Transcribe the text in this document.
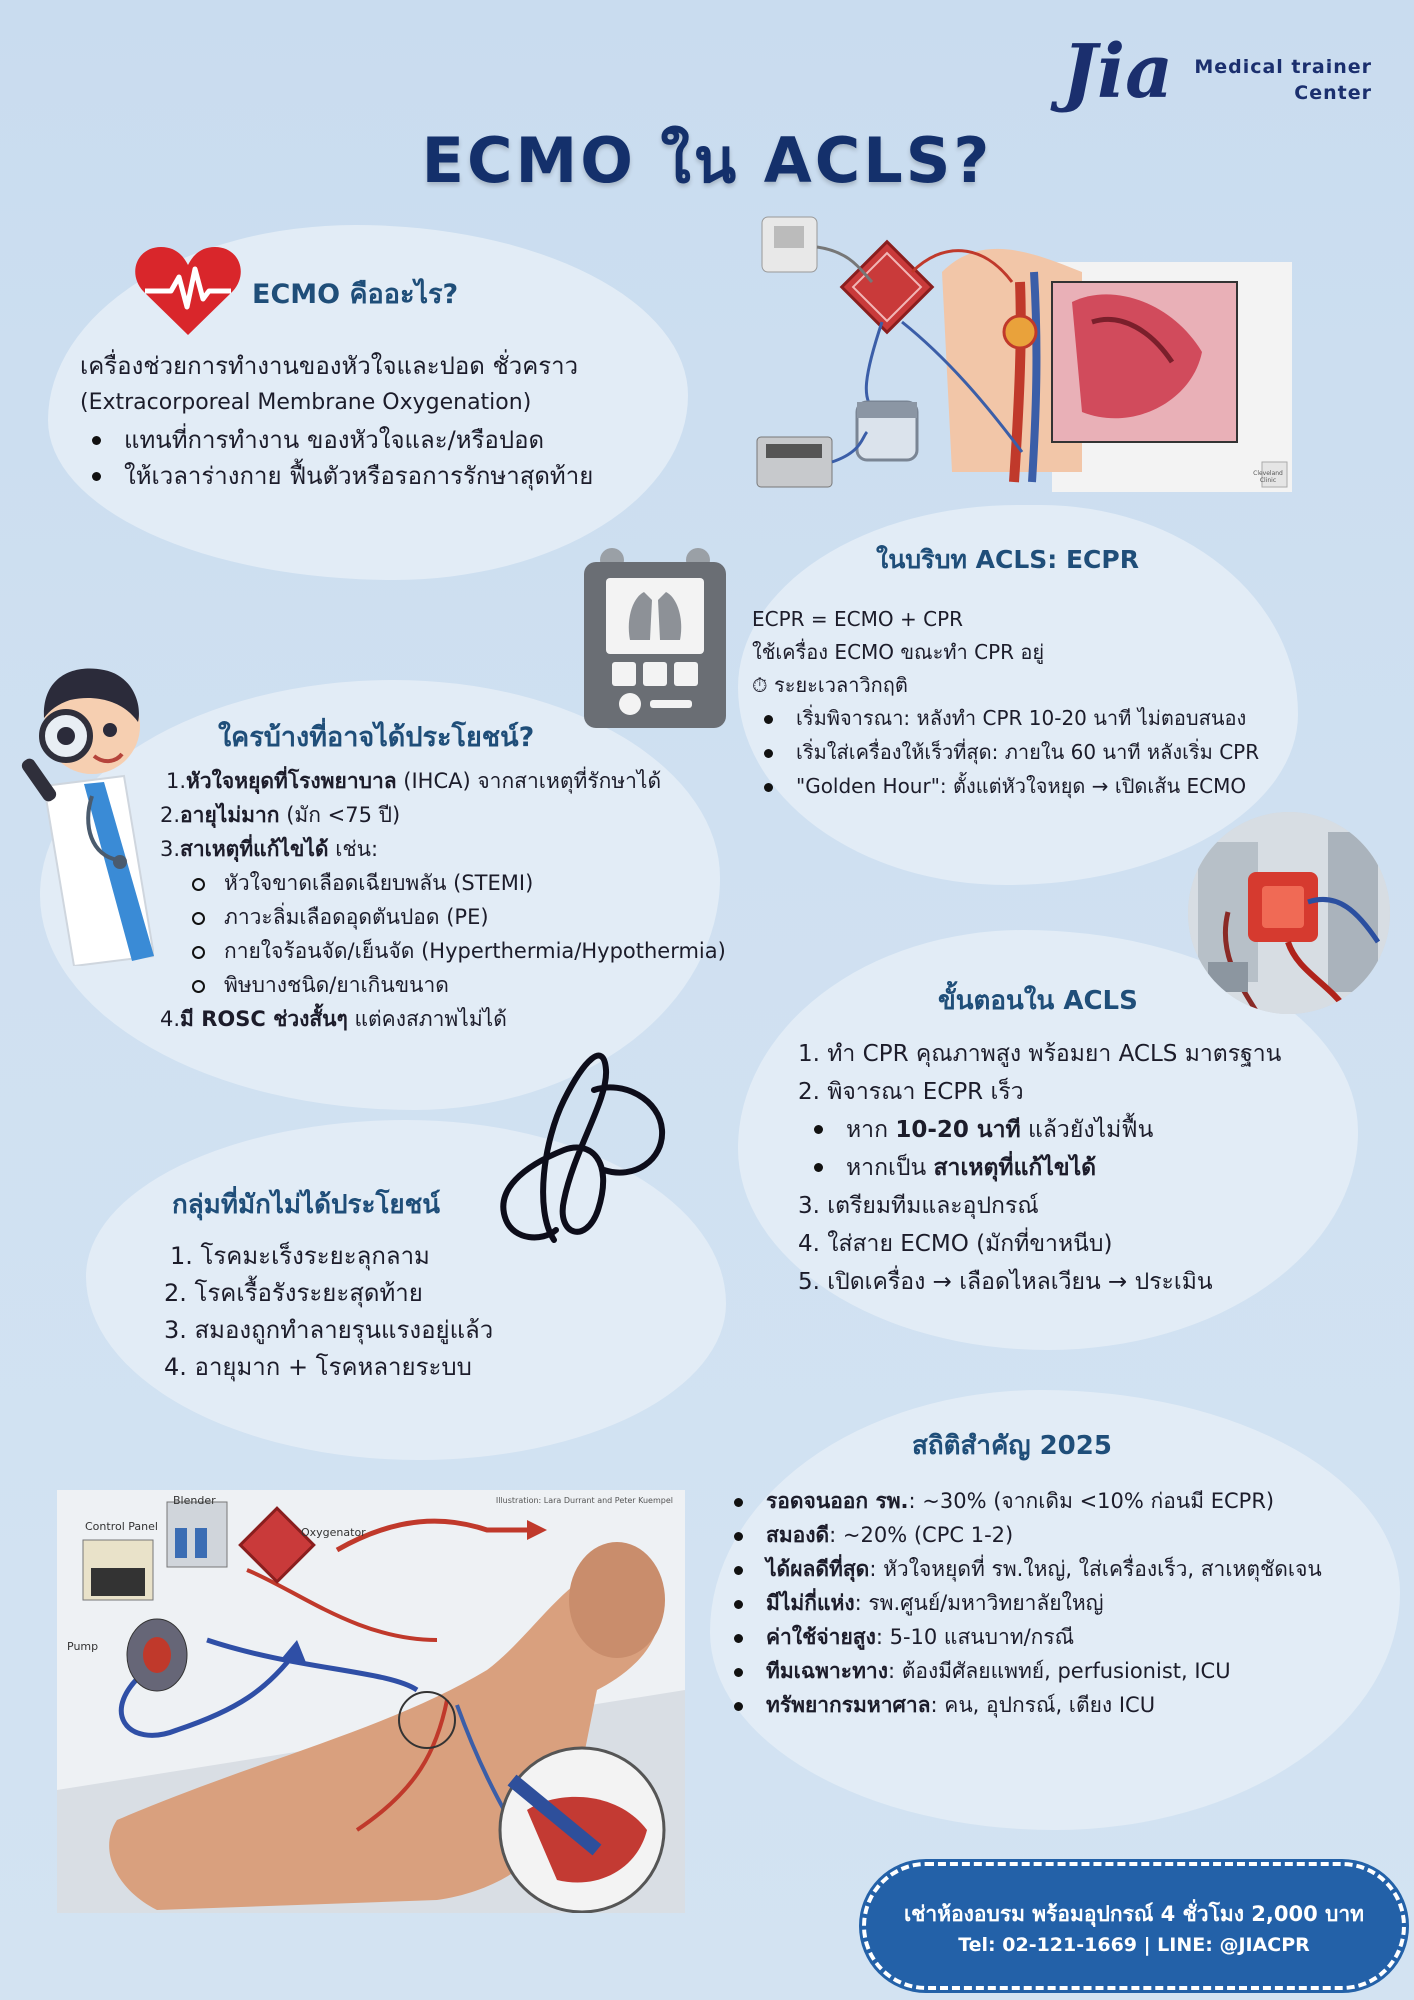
Jia Medical trainer
Center
ECMO ใน ACLS?
ECMO คืออะไร?
เครื่องช่วยการทำงานของหัวใจและปอด ชั่วคราว
(Extracorporeal Membrane Oxygenation)
แทนที่การทำงาน ของหัวใจและ/หรือปอด
ให้เวลาร่างกาย ฟื้นตัวหรือรอการรักษาสุดท้าย	Cleveland Clinic
ในบริบท ACLS: ECPR
ECPR = ECMO + CPR
ใช้เครื่อง ECMO ขณะทำ CPR อยู่
⏱ ระยะเวลาวิกฤติ
เริ่มพิจารณา: หลังทำ CPR 10-20 นาที ไม่ตอบสนอง
เริ่มใส่เครื่องให้เร็วที่สุด: ภายใน 60 นาที หลังเริ่ม CPR
"Golden Hour": ตั้งแต่หัวใจหยุด → เปิดเส้น ECMO
ใครบ้างที่อาจได้ประโยชน์?
1.หัวใจหยุดที่โรงพยาบาล (IHCA) จากสาเหตุที่รักษาได้
2.อายุไม่มาก (มัก <75 ปี)
3.สาเหตุที่แก้ไขได้ เช่น:
หัวใจขาดเลือดเฉียบพลัน (STEMI)
ภาวะลิ่มเลือดอุดตันปอด (PE)
กายใจร้อนจัด/เย็นจัด (Hyperthermia/Hypothermia)
พิษบางชนิด/ยาเกินขนาด
4.มี ROSC ช่วงสั้นๆ แต่คงสภาพไม่ได้
ขั้นตอนใน ACLS
1. ทำ CPR คุณภาพสูง พร้อมยา ACLS มาตรฐาน
2. พิจารณา ECPR เร็ว
หาก 10-20 นาที แล้วยังไม่ฟื้น
หากเป็น สาเหตุที่แก้ไขได้
3. เตรียมทีมและอุปกรณ์
4. ใส่สาย ECMO (มักที่ขาหนีบ)
5. เปิดเครื่อง → เลือดไหลเวียน → ประเมิน
กลุ่มที่มักไม่ได้ประโยชน์
1. โรคมะเร็งระยะลุกลาม
2. โรคเรื้อรังระยะสุดท้าย
3. สมองถูกทำลายรุนแรงอยู่แล้ว
4. อายุมาก + โรคหลายระบบ
สถิติสำคัญ 2025
รอดจนออก รพ.: ~30% (จากเดิม <10% ก่อนมี ECPR)
สมองดี: ~20% (CPC 1-2)
ได้ผลดีที่สุด: หัวใจหยุดที่ รพ.ใหญ่, ใส่เครื่องเร็ว, สาเหตุชัดเจน
มีไม่กี่แห่ง: รพ.ศูนย์/มหาวิทยาลัยใหญ่
ค่าใช้จ่ายสูง: 5-10 แสนบาท/กรณี
ทีมเฉพาะทาง: ต้องมีศัลยแพทย์, perfusionist, ICU
ทรัพยากรมหาศาล: คน, อุปกรณ์, เตียง ICU
Illustration: Lara Durrant and Peter Kuempel
Blender
Oxygenator
Control Panel
Pump
เช่าห้องอบรม พร้อมอุปกรณ์ 4 ชั่วโมง 2,000 บาท
Tel: 02-121-1669 | LINE: @JIACPR
